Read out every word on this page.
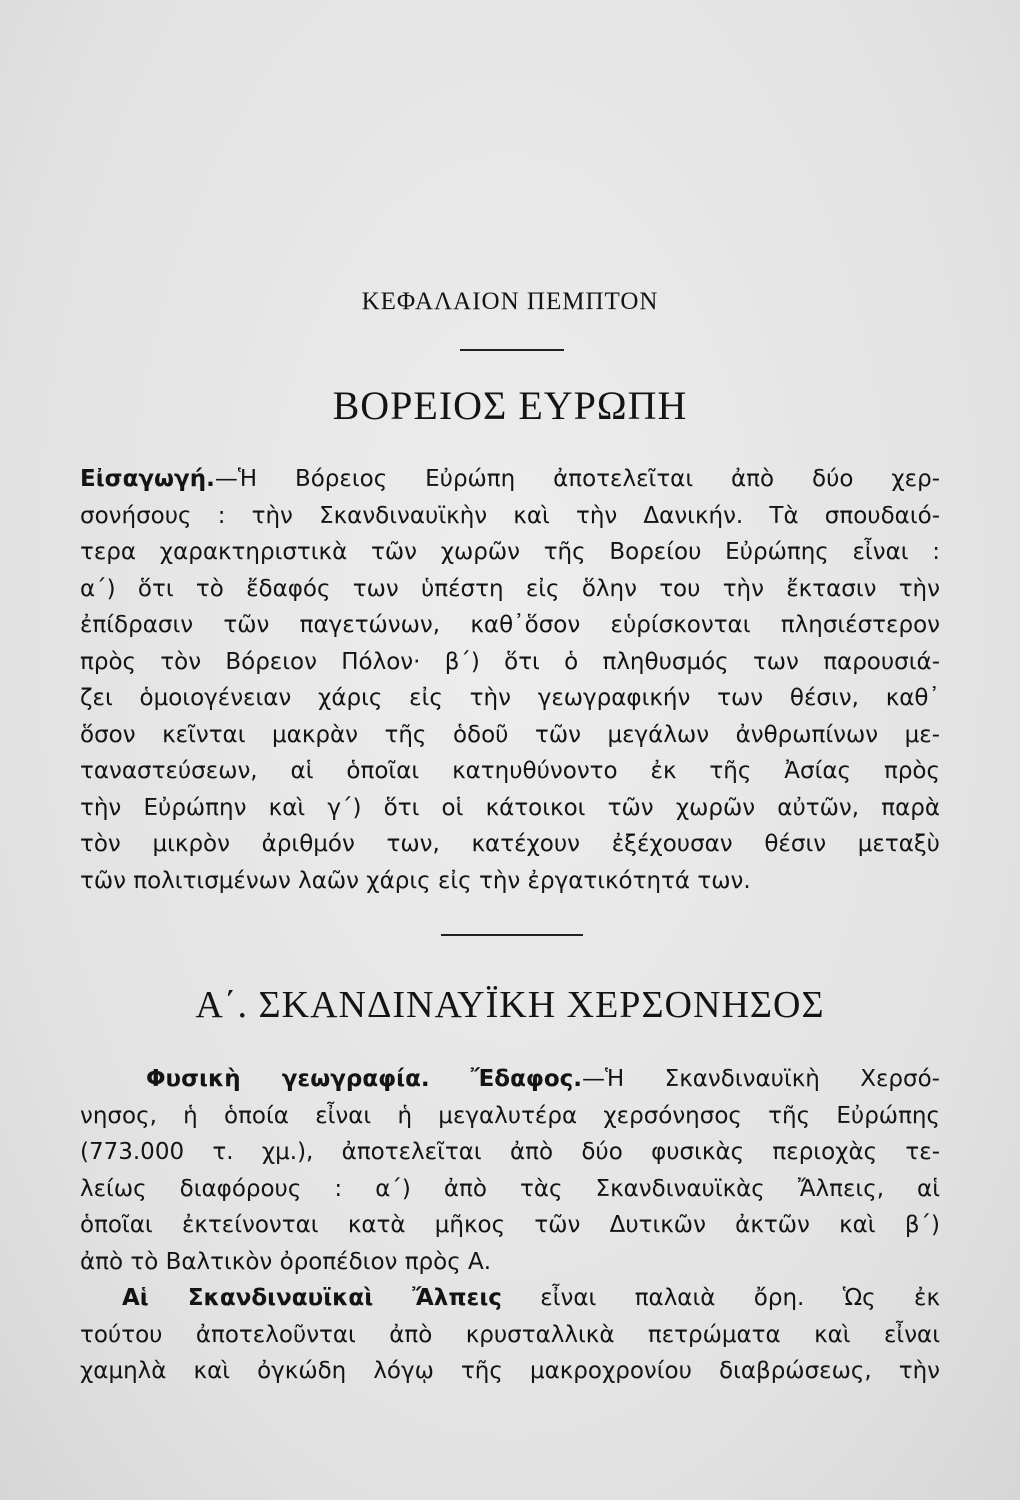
ΚΕΦΑΛΑΙΟΝ ΠΕΜΠΤΟΝ
ΒΟΡΕΙΟΣ ΕΥΡΩΠΗ
Εἰσαγωγή.—Ἡ Βόρειος Εὐρώπη ἀποτελεῖται ἀπὸ δύο χερ-
σονήσους : τὴν Σκανδιναυϊκὴν καὶ τὴν Δανικήν. Τὰ σπουδαιό-
τερα χαρακτηριστικὰ τῶν χωρῶν τῆς Βορείου Εὐρώπης εἶναι :
α΄) ὅτι τὸ ἔδαφός των ὑπέστη εἰς ὅλην του τὴν ἔκτασιν τὴν
ἐπίδρασιν τῶν παγετώνων, καθ᾽ὅσον εὑρίσκονται πλησιέστερον
πρὸς τὸν Βόρειον Πόλον· β΄) ὅτι ὁ πληθυσμός των παρουσιά-
ζει ὁμοιογένειαν χάρις εἰς τὴν γεωγραφικήν των θέσιν, καθ᾽
ὅσον κεῖνται μακρὰν τῆς ὁδοῦ τῶν μεγάλων ἀνθρωπίνων με-
ταναστεύσεων, αἱ ὁποῖαι κατηυθύνοντο ἐκ τῆς Ἀσίας πρὸς
τὴν Εὐρώπην καὶ γ΄) ὅτι οἱ κάτοικοι τῶν χωρῶν αὐτῶν, παρὰ
τὸν μικρὸν ἀριθμόν των, κατέχουν ἐξέχουσαν θέσιν μεταξὺ
τῶν πολιτισμένων λαῶν χάρις εἰς τὴν ἐργατικότητά των.
Α΄. ΣΚΑΝΔΙΝΑΥΪΚΗ ΧΕΡΣΟΝΗΣΟΣ
Φυσικὴ γεωγραφία. Ἔδαφος.—Ἡ Σκανδιναυϊκὴ Χερσό-
νησος, ἡ ὁποία εἶναι ἡ μεγαλυτέρα χερσόνησος τῆς Εὐρώπης
(773.000 τ. χμ.), ἀποτελεῖται ἀπὸ δύο φυσικὰς περιοχὰς τε-
λείως διαφόρους : α΄) ἀπὸ τὰς Σκανδιναυϊκὰς Ἄλπεις, αἱ
ὁποῖαι ἐκτείνονται κατὰ μῆκος τῶν Δυτικῶν ἀκτῶν καὶ β΄)
ἀπὸ τὸ Βαλτικὸν ὀροπέδιον πρὸς Α.
Αἱ Σκανδιναυϊκαὶ Ἄλπεις εἶναι παλαιὰ ὄρη. Ὡς ἐκ
τούτου ἀποτελοῦνται ἀπὸ κρυσταλλικὰ πετρώματα καὶ εἶναι
χαμηλὰ καὶ ὀγκώδη λόγῳ τῆς μακροχρονίου διαβρώσεως, τὴν
